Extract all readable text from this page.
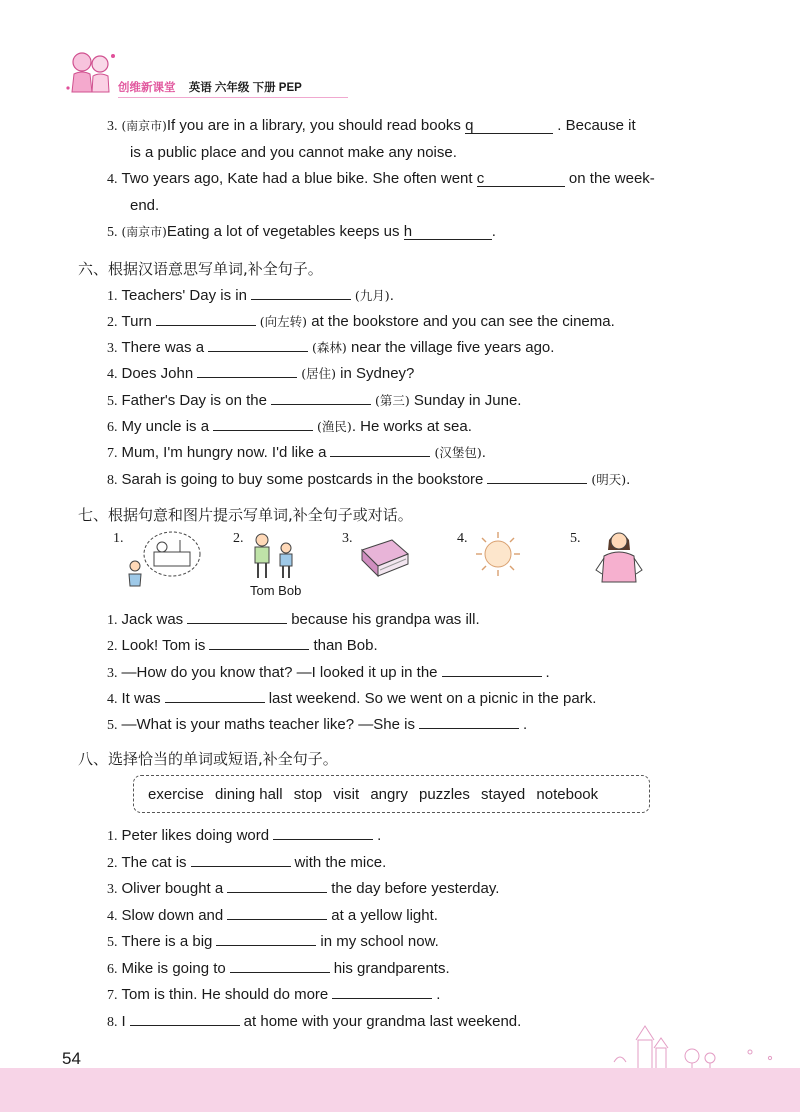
创维新课堂 英语 六年级 下册 PEP
3. (南京市)If you are in a library, you should read books q	. Because it
is a public place and you cannot make any noise.
4. Two years ago, Kate had a blue bike. She often went c	on the week-
end.
5. (南京市)Eating a lot of vegetables keeps us h	.
六、根据汉语意思写单词,补全句子。
1. Teachers' Day is in	(九月).
2. Turn	(向左转) at the bookstore and you can see the cinema.
3. There was a	(森林) near the village five years ago.
4. Does John	(居住) in Sydney?
5. Father's Day is on the	(第三) Sunday in June.
6. My uncle is a	(渔民). He works at sea.
7. Mum, I'm hungry now. I'd like a	(汉堡包).
8. Sarah is going to buy some postcards in the bookstore	(明天).
七、根据句意和图片提示写单词,补全句子或对话。
1.	2.
Tom Bob
3.	4.	5.
1. Jack was	because his grandpa was ill.
2. Look! Tom is	than Bob.
3. —How do you know that? —I looked it up in the	.
4. It was	last weekend. So we went on a picnic in the park.
5. —What is your maths teacher like? —She is	.
八、选择恰当的单词或短语,补全句子。
exercise dining hall stop visit angry puzzles stayed notebook
1. Peter likes doing word	.
2. The cat is	with the mice.
3. Oliver bought a	the day before yesterday.
4. Slow down and	at a yellow light.
5. There is a big	in my school now.
6. Mike is going to	his grandparents.
7. Tom is thin. He should do more	.
8. I	at home with your grandma last weekend.
54
